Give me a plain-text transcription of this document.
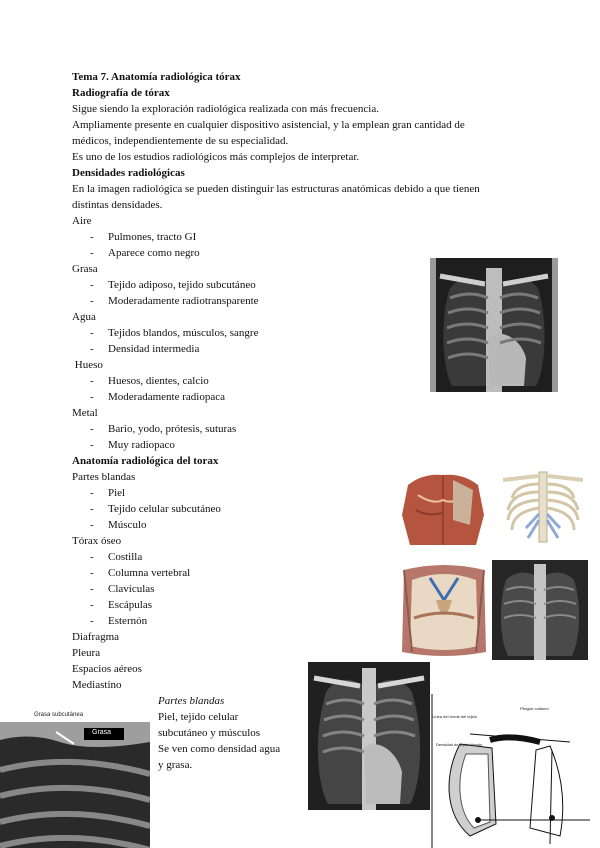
Tema 7. Anatomía radiológica tórax
Radiografía de tórax
Sigue siendo la exploración radiológica realizada con más frecuencia.
Ampliamente presente en cualquier dispositivo asistencial, y la emplean gran cantidad de
médicos, independientemente de su especialidad.
Es uno de los estudios radiológicos más complejos de interpretar.
Densidades radiológicas
En la imagen radiológica se pueden distinguir las estructuras anatómicas debido a que tienen
distintas densidades.
Aire
- Pulmones, tracto GI
- Aparece como negro
Grasa
- Tejido adiposo, tejido subcutáneo
- Moderadamente radiotransparente
Agua
- Tejidos blandos, músculos, sangre
- Densidad intermedia
Hueso
- Huesos, dientes, calcio
- Moderadamente radiopaca
Metal
- Bario, yodo, prótesis, suturas
- Muy radiopaco
Anatomía radiológica del torax
Partes blandas
- Piel
- Tejido celular subcutáneo
- Músculo
Tórax óseo
- Costilla
- Columna vertebral
- Clavículas
- Escápulas
- Esternón
Diafragma
Pleura
Espacios aéreos
Mediastino
Partes blandas
Piel, tejido celular
subcutáneo y músculos
Se ven como densidad agua
y grasa.
Grasa subcutánea
Grasa
Pliegue cutáneo
Línea del borde del tejido
Densidad de tejido blando
